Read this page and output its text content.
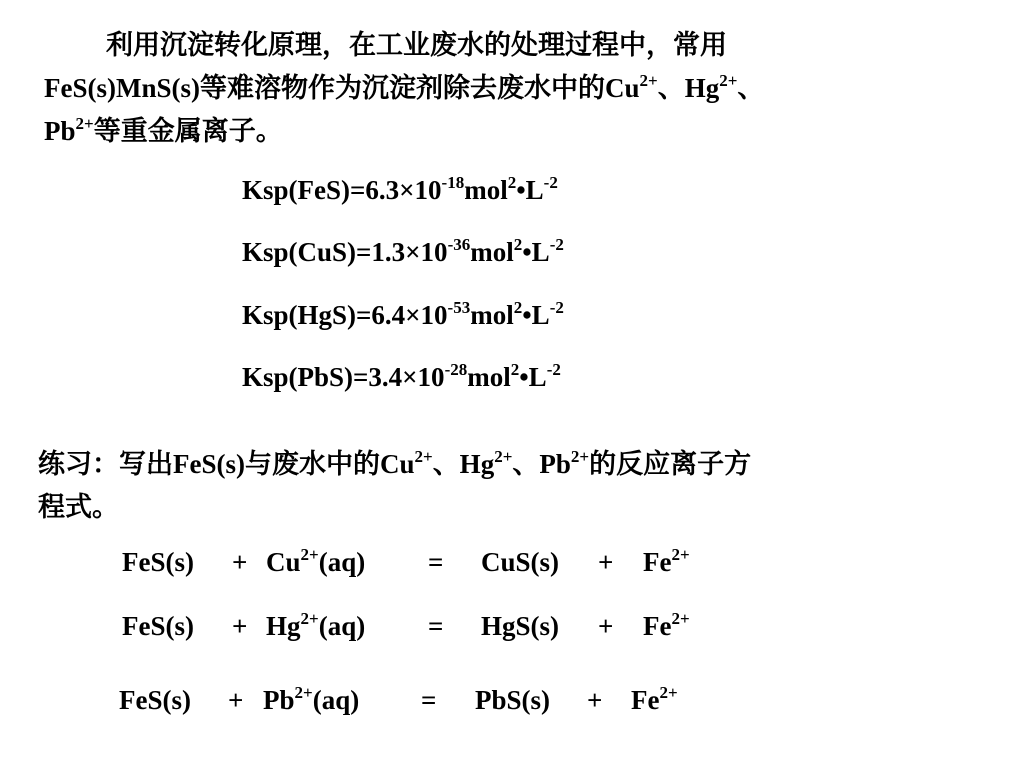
利用沉淀转化原理，在工业废水的处理过程中，常用
FeS(s)MnS(s)等难溶物作为沉淀剂除去废水中的$Cu^{2+}$、$Hg^{2+}$、
$Pb^{2+}$等重金属离子。
$Ksp(FeS)=6.3\times 10^{-18}mol^2•L^{-2}$
$Ksp(CuS)=1.3\times 10^{-36}mol^2•L^{-2}$
$Ksp(HgS)=6.4\times 10^{-53}mol^2•L^{-2}$
$Ksp(PbS)=3.4\times 10^{-28}mol^2•L^{-2}$
练习：写出FeS(s)与废水中的$Cu^{2+}$、$Hg^{2+}$、$Pb^{2+}$的反应离子方
程式。
$FeS(s) + Cu^{2+}(aq) = CuS(s) + Fe^{2+}$
$FeS(s) + Hg^{2+}(aq) = HgS(s) + Fe^{2+}$
$FeS(s) + Pb^{2+}(aq) = PbS(s) + Fe^{2+}$
